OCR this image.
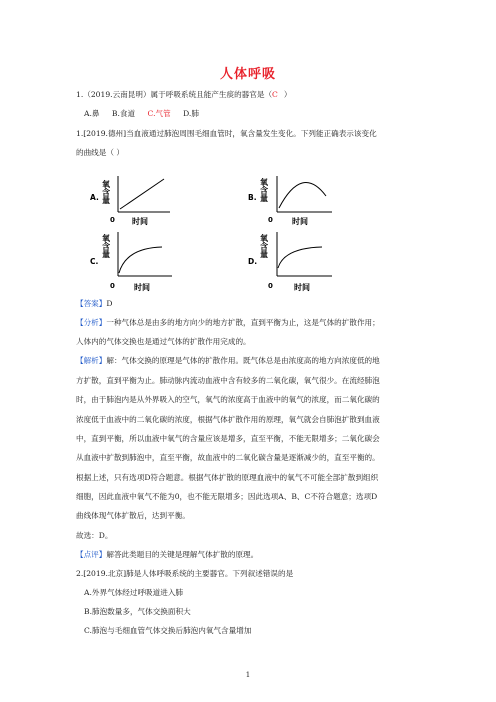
人体呼吸
1.（2019.云南昆明）属于呼吸系统且能产生痰的器官是（C ）
A.鼻 B.食道 C.气管 D.肺
1.[2019.德州]当血液通过肺泡周围毛细血管时，氧含量发生变化。下列能正确表示该变化
的曲线是（ ）
A. 氧含量
0 时间
B. 氧含量
0 时间
C.
氧含量
0 时间
D.
氧含量
0	时间
【答案】D
【分析】一种气体总是由多的地方向少的地方扩散，直到平衡为止，这是气体的扩散作用；
人体内的气体交换也是通过气体的扩散作用完成的。
【解析】解：气体交换的原理是气体的扩散作用。既气体总是由浓度高的地方向浓度低的地
方扩散，直到平衡为止。肺动脉内流动血液中含有较多的二氧化碳，氧气很少。在流经肺泡
时，由于肺泡内是从外界吸入的空气，氧气的浓度高于血液中的氧气的浓度，而二氧化碳的
浓度低于血液中的二氧化碳的浓度，根据气体扩散作用的原理，氧气就会自肺泡扩散到血液
中，直到平衡，所以血液中氧气的含量应该是增多，直至平衡，不能无限增多；二氧化碳会
从血液中扩散到肺泡中，直至平衡，故血液中的二氧化碳含量是逐渐减少的，直至平衡的。
根据上述，只有选项D符合题意。根据气体扩散的原理血液中的氧气不可能全部扩散到组织
细胞，因此血液中氧气不能为0，也不能无限增多；因此选项A、B、C不符合题意；选项D
曲线体现气体扩散后，达到平衡。
故选：D。
【点评】解答此类题目的关键是理解气体扩散的原理。
2.[2019.北京]肺是人体呼吸系统的主要器官。下列叙述错误的是
A.外界气体经过呼吸道进入肺
B.肺泡数量多，气体交换面积大
C.肺泡与毛细血管气体交换后肺泡内氧气含量增加
1
